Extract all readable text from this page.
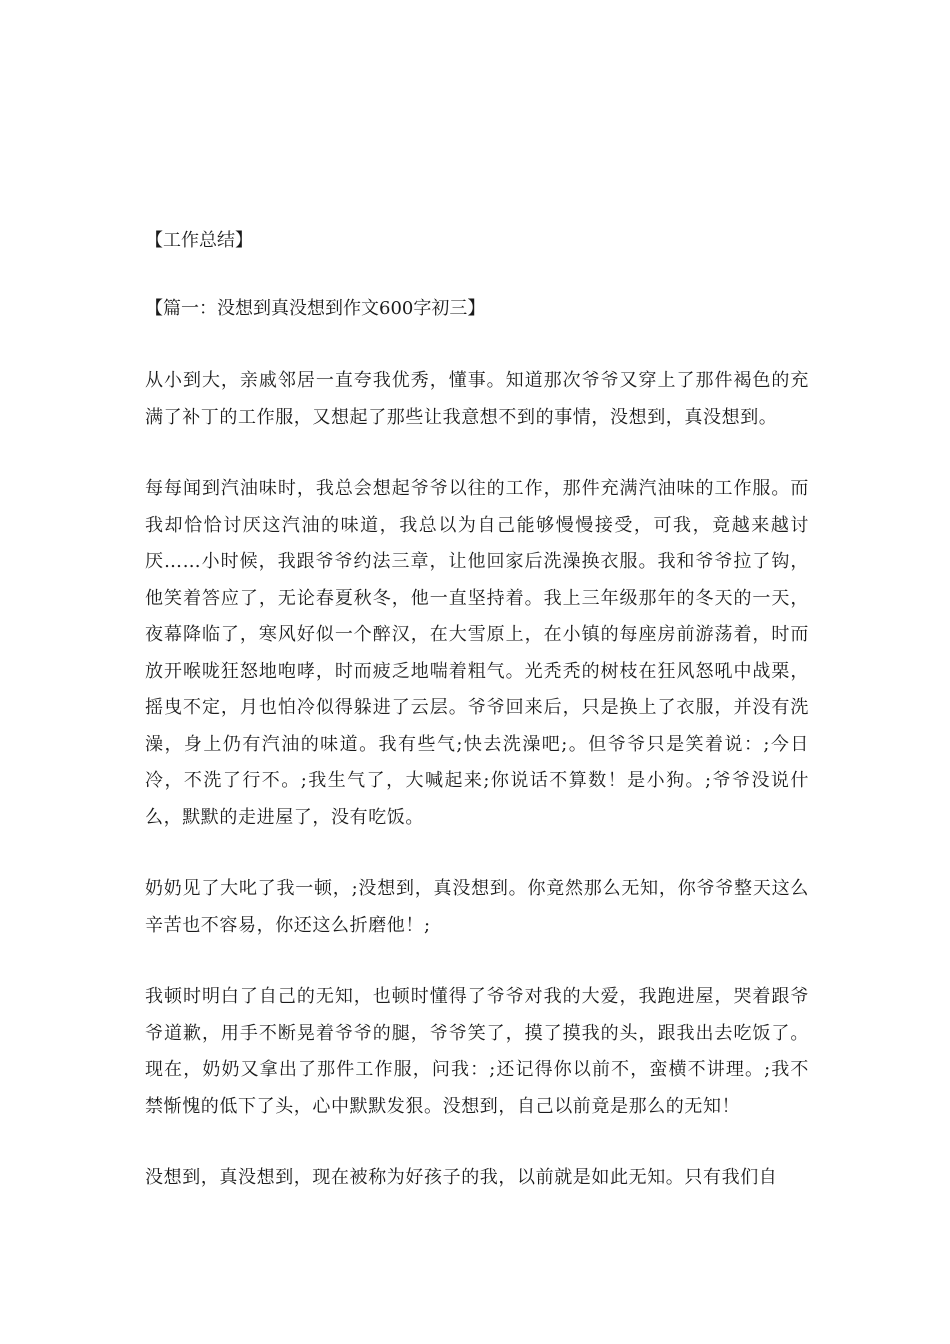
【工作总结】
【篇一：没想到真没想到作文600字初三】

从小到大，亲戚邻居一直夸我优秀，懂事。知道那次爷爷又穿上了那件褐色的充满了补丁的工作服，又想起了那些让我意想不到的事情，没想到，真没想到。

每每闻到汽油味时，我总会想起爷爷以往的工作，那件充满汽油味的工作服。而我却恰恰讨厌这汽油的味道，我总以为自己能够慢慢接受，可我，竟越来越讨厌……小时候，我跟爷爷约法三章，让他回家后洗澡换衣服。我和爷爷拉了钩，他笑着答应了，无论春夏秋冬，他一直坚持着。我上三年级那年的冬天的一天，夜幕降临了，寒风好似一个醉汉，在大雪原上，在小镇的每座房前游荡着，时而放开喉咙狂怒地咆哮，时而疲乏地喘着粗气。光秃秃的树枝在狂风怒吼中战栗，摇曳不定，月也怕冷似得躲进了云层。爷爷回来后，只是换上了衣服，并没有洗澡，身上仍有汽油的味道。我有些气;快去洗澡吧;。但爷爷只是笑着说：;今日冷，不洗了行不。;我生气了，大喊起来;你说话不算数！是小狗。;爷爷没说什么，默默的走进屋了，没有吃饭。

奶奶见了大叱了我一顿，;没想到，真没想到。你竟然那么无知，你爷爷整天这么辛苦也不容易，你还这么折磨他！;

我顿时明白了自己的无知，也顿时懂得了爷爷对我的大爱，我跑进屋，哭着跟爷爷道歉，用手不断晃着爷爷的腿，爷爷笑了，摸了摸我的头，跟我出去吃饭了。现在，奶奶又拿出了那件工作服，问我：;还记得你以前不，蛮横不讲理。;我不禁惭愧的低下了头，心中默默发狠。没想到，自己以前竟是那么的无知！

没想到，真没想到，现在被称为好孩子的我，以前就是如此无知。只有我们自
